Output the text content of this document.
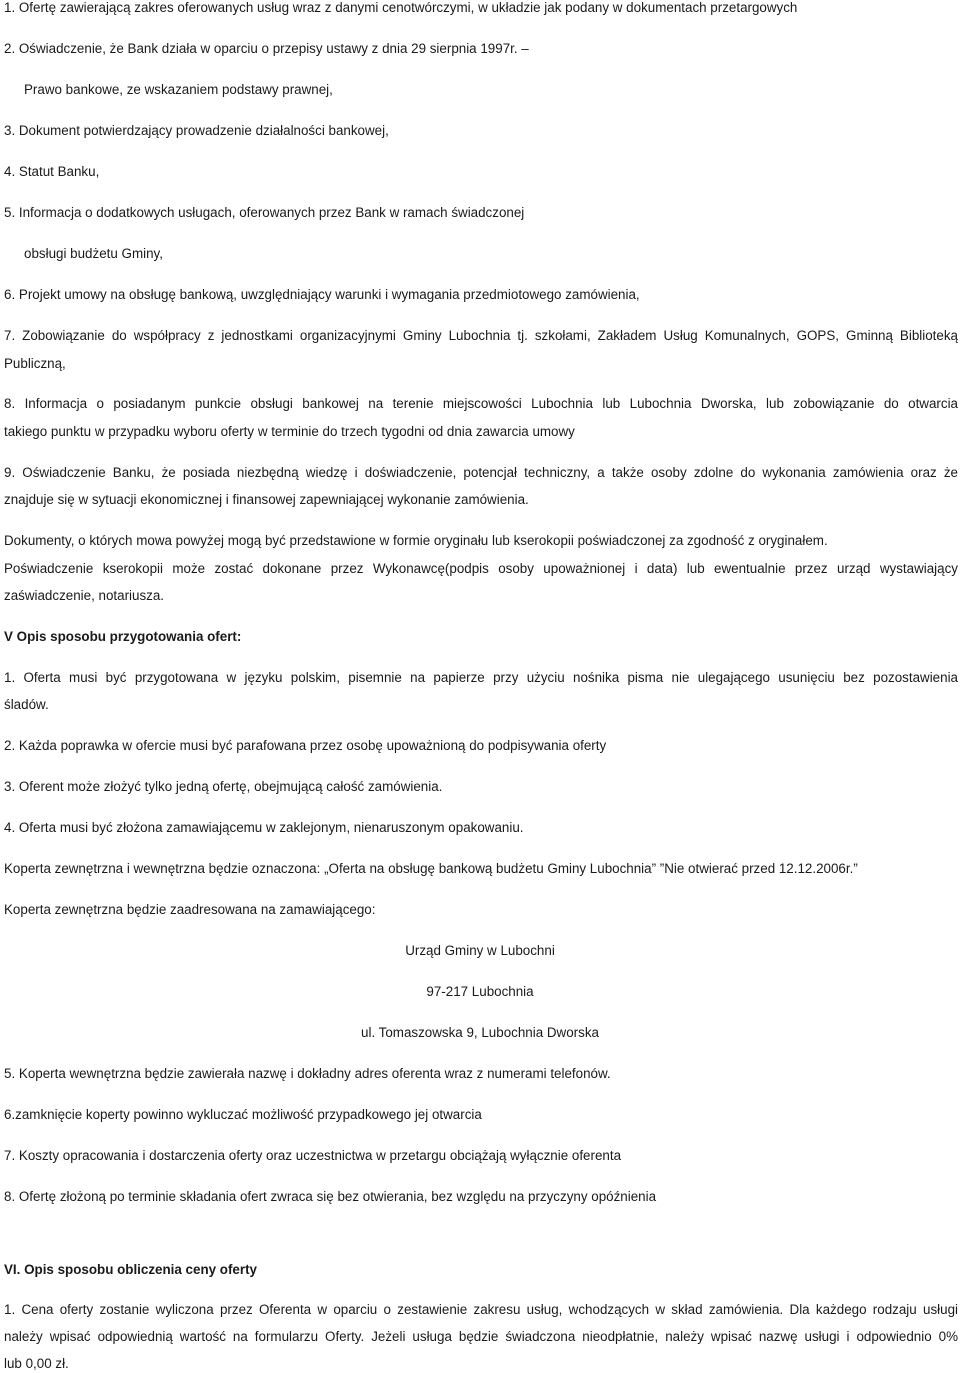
1. Ofertę zawierającą zakres oferowanych usług wraz z danymi cenotwórczymi, w układzie jak podany w dokumentach przetargowych

2. Oświadczenie, że Bank działa w oparciu o przepisy ustawy z dnia 29 sierpnia 1997r. –

Prawo bankowe, ze wskazaniem podstawy prawnej,

3. Dokument potwierdzający prowadzenie działalności bankowej,

4. Statut Banku,

5. Informacja o dodatkowych usługach, oferowanych przez Bank w ramach świadczonej

obsługi budżetu Gminy,

6. Projekt umowy na obsługę bankową, uwzględniający warunki i wymagania przedmiotowego zamówienia,

7. Zobowiązanie do współpracy z jednostkami organizacyjnymi Gminy Lubochnia tj. szkołami, Zakładem Usług Komunalnych, GOPS, Gminną Biblioteką

Publiczną,

8. Informacja o posiadanym punkcie obsługi bankowej na terenie miejscowości Lubochnia lub Lubochnia Dworska, lub zobowiązanie do otwarcia

takiego punktu w przypadku wyboru oferty w terminie do trzech tygodni od dnia zawarcia umowy

9. Oświadczenie Banku, że posiada niezbędną wiedzę i doświadczenie, potencjał techniczny, a także osoby zdolne do wykonania zamówienia oraz że

znajduje się w sytuacji ekonomicznej i finansowej zapewniającej wykonanie zamówienia.

Dokumenty, o których mowa powyżej mogą być przedstawione w formie oryginału lub kserokopii poświadczonej za zgodność z oryginałem.

Poświadczenie kserokopii może zostać dokonane przez Wykonawcę(podpis osoby upoważnionej i data) lub ewentualnie przez urząd wystawiający

zaświadczenie, notariusza.

V Opis sposobu przygotowania ofert:

1. Oferta musi być przygotowana w języku polskim, pisemnie na papierze przy użyciu nośnika pisma nie ulegającego usunięciu bez pozostawienia

śladów.

2. Każda poprawka w ofercie musi być parafowana przez osobę upoważnioną do podpisywania oferty

3. Oferent może złożyć tylko jedną ofertę, obejmującą całość zamówienia.

4. Oferta musi być złożona zamawiającemu w zaklejonym, nienaruszonym opakowaniu.

Koperta zewnętrzna i wewnętrzna będzie oznaczona: „Oferta na obsługę bankową budżetu Gminy Lubochnia” ”Nie otwierać przed 12.12.2006r.”

Koperta zewnętrzna będzie zaadresowana na zamawiającego:

Urząd Gminy w Lubochni

97-217 Lubochnia

ul. Tomaszowska 9, Lubochnia Dworska

5. Koperta wewnętrzna będzie zawierała nazwę i dokładny adres oferenta wraz z numerami telefonów.

6.zamknięcie koperty powinno wykluczać możliwość przypadkowego jej otwarcia

7. Koszty opracowania i dostarczenia oferty oraz uczestnictwa w przetargu obciążają wyłącznie oferenta

8. Ofertę złożoną po terminie składania ofert zwraca się bez otwierania, bez względu na przyczyny opóźnienia

VI. Opis sposobu obliczenia ceny oferty

1. Cena oferty zostanie wyliczona przez Oferenta w oparciu o zestawienie zakresu usług, wchodzących w skład zamówienia. Dla każdego rodzaju usługi

należy wpisać odpowiednią wartość na formularzu Oferty. Jeżeli usługa będzie świadczona nieodpłatnie, należy wpisać nazwę usługi i odpowiednio 0%

lub 0,00 zł.
